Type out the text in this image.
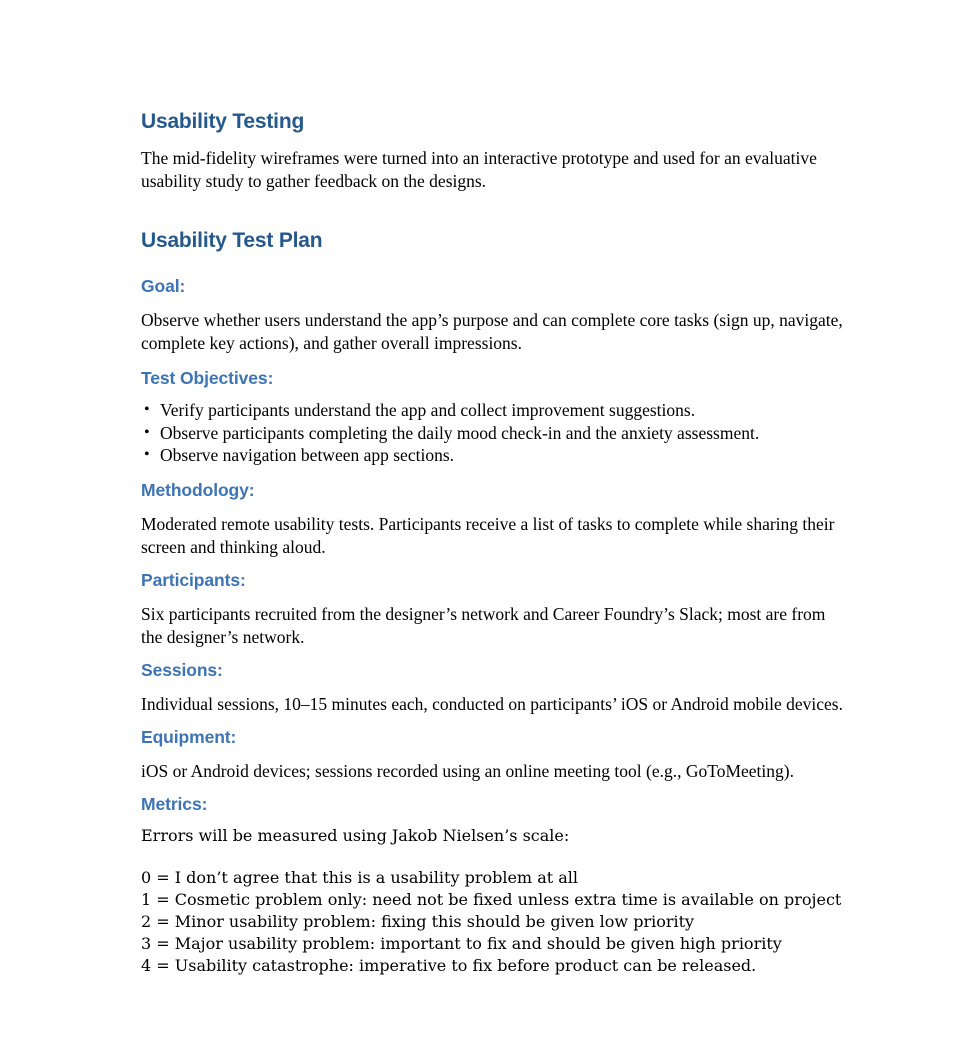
Usability Testing

The mid-fidelity wireframes were turned into an interactive prototype and used for an evaluative usability study to gather feedback on the designs.

Usability Test Plan
Goal:

Observe whether users understand the app’s purpose and can complete core tasks (sign up, navigate, complete key actions), and gather overall impressions.

Test Objectives:
• Verify participants understand the app and collect improvement suggestions.
• Observe participants completing the daily mood check-in and the anxiety assessment.
• Observe navigation between app sections.
Methodology:

Moderated remote usability tests. Participants receive a list of tasks to complete while sharing their screen and thinking aloud.

Participants:

Six participants recruited from the designer’s network and Career Foundry’s Slack; most are from the designer’s network.

Sessions:

Individual sessions, 10–15 minutes each, conducted on participants’ iOS or Android mobile devices.

Equipment:

iOS or Android devices; sessions recorded using an online meeting tool (e.g., GoToMeeting).

Metrics:

Errors will be measured using Jakob Nielsen’s scale:

0 = I don’t agree that this is a usability problem at all
1 = Cosmetic problem only: need not be fixed unless extra time is available on project
2 = Minor usability problem: fixing this should be given low priority
3 = Major usability problem: important to fix and should be given high priority
4 = Usability catastrophe: imperative to fix before product can be released.
